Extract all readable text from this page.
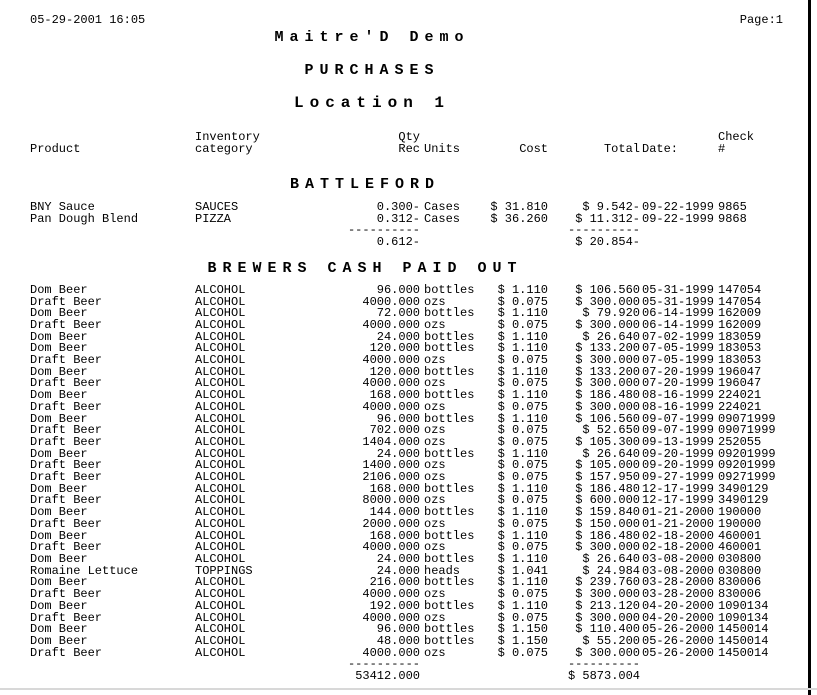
05-29-2001 16:05	Page:1
Maitre'D Demo
PURCHASES
Location 1
	Inventory	Qty					Check
Product	category	Rec	Units	Cost	Total	Date:	#
BATTLEFORD							
BNY Sauce	SAUCES	0.300-	Cases	$ 31.810	$ 9.542-	09-22-1999	9865
Pan Dough Blend	PIZZA	0.312-	Cases	$ 36.260	$ 11.312-	09-22-1999	9868
		----------			----------		
		0.612-			$ 20.854-		
BREWERS CASH PAID OUT							
Dom Beer	ALCOHOL	96.000	bottles	$ 1.110	$ 106.560	05-31-1999	147054
Draft Beer	ALCOHOL	4000.000	ozs	$ 0.075	$ 300.000	05-31-1999	147054
Dom Beer	ALCOHOL	72.000	bottles	$ 1.110	$ 79.920	06-14-1999	162009
Draft Beer	ALCOHOL	4000.000	ozs	$ 0.075	$ 300.000	06-14-1999	162009
Dom Beer	ALCOHOL	24.000	bottles	$ 1.110	$ 26.640	07-02-1999	183059
Dom Beer	ALCOHOL	120.000	bottles	$ 1.110	$ 133.200	07-05-1999	183053
Draft Beer	ALCOHOL	4000.000	ozs	$ 0.075	$ 300.000	07-05-1999	183053
Dom Beer	ALCOHOL	120.000	bottles	$ 1.110	$ 133.200	07-20-1999	196047
Draft Beer	ALCOHOL	4000.000	ozs	$ 0.075	$ 300.000	07-20-1999	196047
Dom Beer	ALCOHOL	168.000	bottles	$ 1.110	$ 186.480	08-16-1999	224021
Draft Beer	ALCOHOL	4000.000	ozs	$ 0.075	$ 300.000	08-16-1999	224021
Dom Beer	ALCOHOL	96.000	bottles	$ 1.110	$ 106.560	09-07-1999	09071999
Draft Beer	ALCOHOL	702.000	ozs	$ 0.075	$ 52.650	09-07-1999	09071999
Draft Beer	ALCOHOL	1404.000	ozs	$ 0.075	$ 105.300	09-13-1999	252055
Dom Beer	ALCOHOL	24.000	bottles	$ 1.110	$ 26.640	09-20-1999	09201999
Draft Beer	ALCOHOL	1400.000	ozs	$ 0.075	$ 105.000	09-20-1999	09201999
Draft Beer	ALCOHOL	2106.000	ozs	$ 0.075	$ 157.950	09-27-1999	09271999
Dom Beer	ALCOHOL	168.000	bottles	$ 1.110	$ 186.480	12-17-1999	3490129
Draft Beer	ALCOHOL	8000.000	ozs	$ 0.075	$ 600.000	12-17-1999	3490129
Dom Beer	ALCOHOL	144.000	bottles	$ 1.110	$ 159.840	01-21-2000	190000
Draft Beer	ALCOHOL	2000.000	ozs	$ 0.075	$ 150.000	01-21-2000	190000
Dom Beer	ALCOHOL	168.000	bottles	$ 1.110	$ 186.480	02-18-2000	460001
Draft Beer	ALCOHOL	4000.000	ozs	$ 0.075	$ 300.000	02-18-2000	460001
Dom Beer	ALCOHOL	24.000	bottles	$ 1.110	$ 26.640	03-08-2000	030800
Romaine Lettuce	TOPPINGS	24.000	heads	$ 1.041	$ 24.984	03-08-2000	030800
Dom Beer	ALCOHOL	216.000	bottles	$ 1.110	$ 239.760	03-28-2000	830006
Draft Beer	ALCOHOL	4000.000	ozs	$ 0.075	$ 300.000	03-28-2000	830006
Dom Beer	ALCOHOL	192.000	bottles	$ 1.110	$ 213.120	04-20-2000	1090134
Draft Beer	ALCOHOL	4000.000	ozs	$ 0.075	$ 300.000	04-20-2000	1090134
Dom Beer	ALCOHOL	96.000	bottles	$ 1.150	$ 110.400	05-26-2000	1450014
Dom Beer	ALCOHOL	48.000	bottles	$ 1.150	$ 55.200	05-26-2000	1450014
Draft Beer	ALCOHOL	4000.000	ozs	$ 0.075	$ 300.000	05-26-2000	1450014
		----------			----------		
		53412.000			$ 5873.004		
